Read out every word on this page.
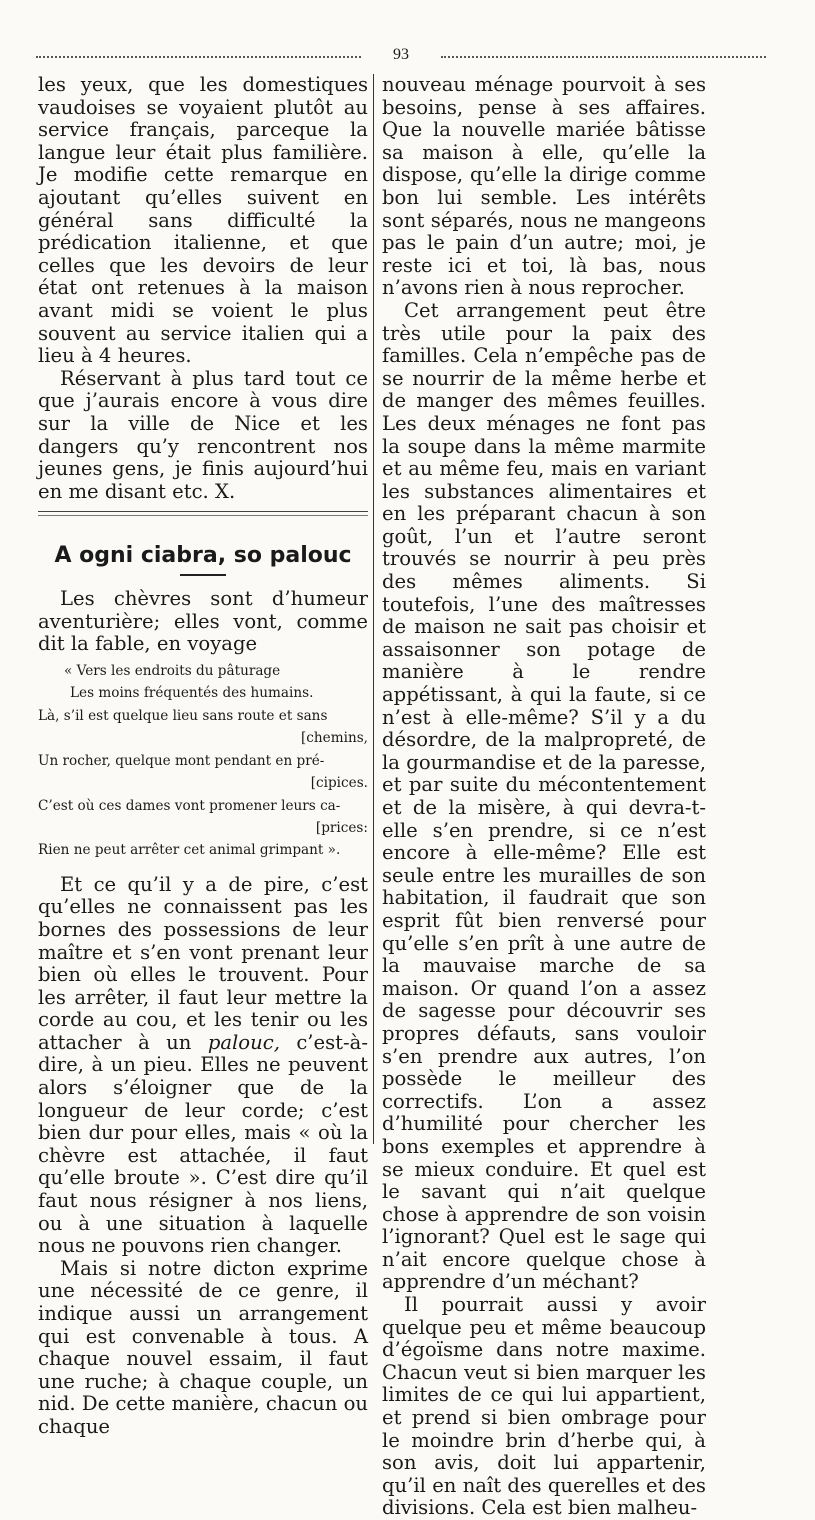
93

les yeux, que les domestiques vaudoises se voyaient plutôt au service français, parceque la langue leur était plus familière. Je modifie cette remarque en ajoutant qu’elles suivent en général sans difficulté la prédication italienne, et que celles que les devoirs de leur état ont retenues à la maison avant midi se voient le plus souvent au service italien qui a lieu à 4 heures.

Réservant à plus tard tout ce que j’aurais encore à vous dire sur la ville de Nice et les dangers qu’y rencontrent nos jeunes gens, je finis aujourd’hui en me disant etc. X.

A ogni ciabra, so palouc

Les chèvres sont d’humeur aventurière; elles vont, comme dit la fable, en voyage

« Vers les endroits du pâturage
Les moins fréquentés des humains.
Là, s’il est quelque lieu sans route et sans
[chemins,
Un rocher, quelque mont pendant en pré-
[cipices.
C’est où ces dames vont promener leurs ca-
[prices:
Rien ne peut arrêter cet animal grimpant ».

Et ce qu’il y a de pire, c’est qu’elles ne connaissent pas les bornes des possessions de leur maître et s’en vont prenant leur bien où elles le trouvent. Pour les arrêter, il faut leur mettre la corde au cou, et les tenir ou les attacher à un palouc, c’est-à-dire, à un pieu. Elles ne peuvent alors s’éloigner que de la longueur de leur corde; c’est bien dur pour elles, mais « où la chèvre est attachée, il faut qu’elle broute ». C’est dire qu’il faut nous résigner à nos liens, ou à une situation à laquelle nous ne pouvons rien changer.

Mais si notre dicton exprime une nécessité de ce genre, il indique aussi un arrangement qui est convenable à tous. A chaque nouvel essaim, il faut une ruche; à chaque couple, un nid. De cette manière, chacun ou chaque

nouveau ménage pourvoit à ses besoins, pense à ses affaires. Que la nouvelle mariée bâtisse sa maison à elle, qu’elle la dispose, qu’elle la dirige comme bon lui semble. Les intérêts sont séparés, nous ne mangeons pas le pain d’un autre; moi, je reste ici et toi, là bas, nous n’avons rien à nous reprocher.

Cet arrangement peut être très utile pour la paix des familles. Cela n’empêche pas de se nourrir de la même herbe et de manger des mêmes feuilles. Les deux ménages ne font pas la soupe dans la même marmite et au même feu, mais en variant les substances alimentaires et en les préparant chacun à son goût, l’un et l’autre seront trouvés se nourrir à peu près des mêmes aliments. Si toutefois, l’une des maîtresses de maison ne sait pas choisir et assaisonner son potage de manière à le rendre appétissant, à qui la faute, si ce n’est à elle-même? S’il y a du désordre, de la malpropreté, de la gourmandise et de la paresse, et par suite du mécontentement et de la misère, à qui devra-t-elle s’en prendre, si ce n’est encore à elle-même? Elle est seule entre les murailles de son habitation, il faudrait que son esprit fût bien renversé pour qu’elle s’en prît à une autre de la mauvaise marche de sa maison. Or quand l’on a assez de sagesse pour découvrir ses propres défauts, sans vouloir s’en prendre aux autres, l’on possède le meilleur des correctifs. L’on a assez d’humilité pour chercher les bons exemples et apprendre à se mieux conduire. Et quel est le savant qui n’ait quelque chose à apprendre de son voisin l’ignorant? Quel est le sage qui n’ait encore quelque chose à apprendre d’un méchant?

Il pourrait aussi y avoir quelque peu et même beaucoup d’égoïsme dans notre maxime. Chacun veut si bien marquer les limites de ce qui lui appartient, et prend si bien ombrage pour le moindre brin d’herbe qui, à son avis, doit lui appartenir, qu’il en naît des querelles et des divisions. Cela est bien malheu-
